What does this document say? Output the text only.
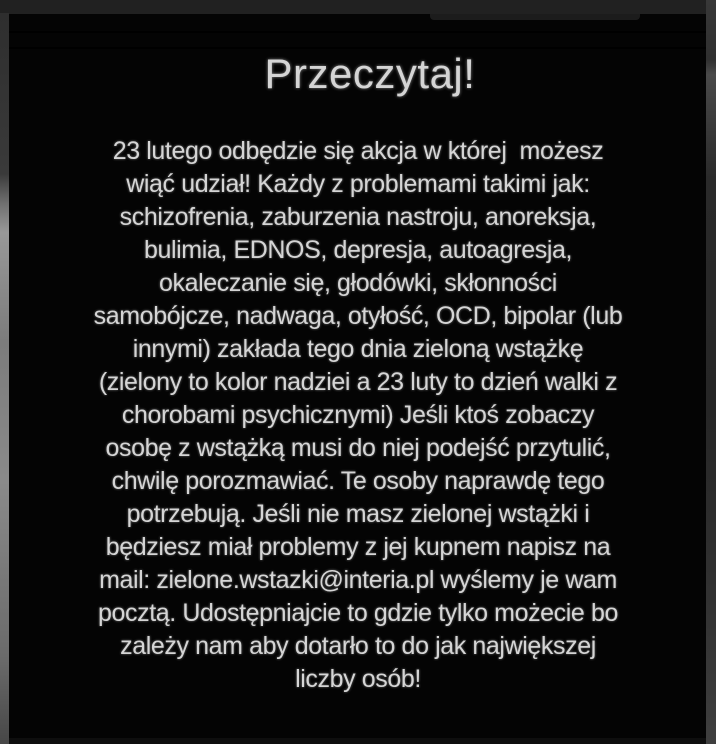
Przeczytaj!
23 lutego odbędzie się akcja w której  możesz
wiąć udział! Każdy z problemami takimi jak:
schizofrenia, zaburzenia nastroju, anoreksja,
bulimia, EDNOS, depresja, autoagresja,
okaleczanie się, głodówki, skłonności
samobójcze, nadwaga, otyłość, OCD, bipolar (lub
innymi) zakłada tego dnia zieloną wstążkę
(zielony to kolor nadziei a 23 luty to dzień walki z
chorobami psychicznymi) Jeśli ktoś zobaczy
osobę z wstążką musi do niej podejść przytulić,
chwilę porozmawiać. Te osoby naprawdę tego
potrzebują. Jeśli nie masz zielonej wstążki i
będziesz miał problemy z jej kupnem napisz na
mail: zielone.wstazki@interia.pl wyślemy je wam
pocztą. Udostępniajcie to gdzie tylko możecie bo
zależy nam aby dotarło to do jak największej
liczby osób!
